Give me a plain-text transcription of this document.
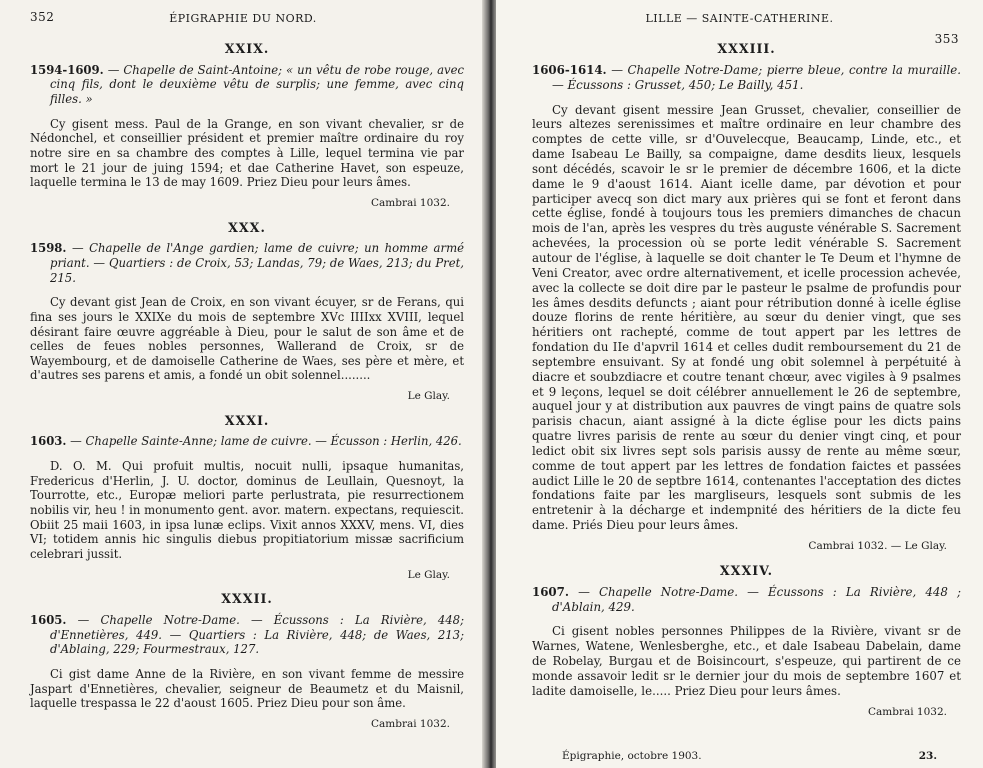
352	ÉPIGRAPHIE DU NORD.
XXIX.

1594-1609. — Chapelle de Saint-Antoine; « un vêtu de robe rouge, avec cinq fils, dont le deuxième vêtu de surplis; une femme, avec cinq filles. »

Cy gisent mess. Paul de la Grange, en son vivant chevalier, sr de Nédonchel, et conseillier président et premier maître ordinaire du roy notre sire en sa chambre des comptes à Lille, lequel termina vie par mort le 21 jour de juing 1594; et dae Catherine Havet, son espeuze, laquelle termina le 13 de may 1609. Priez Dieu pour leurs âmes.

Cambrai 1032.
XXX.

1598. — Chapelle de l'Ange gardien; lame de cuivre; un homme armé priant. — Quartiers : de Croix, 53; Landas, 79; de Waes, 213; du Pret, 215.

Cy devant gist Jean de Croix, en son vivant écuyer, sr de Ferans, qui fina ses jours le XXIXe du mois de septembre XVc IIIIxx XVIII, lequel désirant faire œuvre aggréable à Dieu, pour le salut de son âme et de celles de feues nobles personnes, Wallerand de Croix, sr de Wayembourg, et de damoiselle Catherine de Waes, ses père et mère, et d'autres ses parens et amis, a fondé un obit solennel........

Le Glay.
XXXI.

1603. — Chapelle Sainte-Anne; lame de cuivre. — Écusson : Herlin, 426.

D. O. M. Qui profuit multis, nocuit nulli, ipsaque humanitas, Fredericus d'Herlin, J. U. doctor, dominus de Leullain, Quesnoyt, la Tourrotte, etc., Europæ meliori parte perlustrata, pie resurrectionem nobilis vir, heu ! in monumento gent. avor. matern. expectans, requiescit. Obiit 25 maii 1603, in ipsa lunæ eclips. Vixit annos XXXV, mens. VI, dies VI; totidem annis hic singulis diebus propitiatorium missæ sacrificium celebrari jussit.

Le Glay.
XXXII.

1605. — Chapelle Notre-Dame. — Écussons : La Rivière, 448; d'Ennetières, 449. — Quartiers : La Rivière, 448; de Waes, 213; d'Ablaing, 229; Fourmestraux, 127.

Ci gist dame Anne de la Rivière, en son vivant femme de messire Jaspart d'Ennetières, chevalier, seigneur de Beaumetz et du Maisnil, laquelle trespassa le 22 d'aoust 1605. Priez Dieu pour son âme.

Cambrai 1032.
LILLE — SAINTE-CATHERINE.
353
XXXIII.

1606-1614. — Chapelle Notre-Dame; pierre bleue, contre la muraille. — Écussons : Grusset, 450; Le Bailly, 451.

Cy devant gisent messire Jean Grusset, chevalier, conseillier de leurs altezes serenissimes et maître ordinaire en leur chambre des comptes de cette ville, sr d'Ouvelecque, Beaucamp, Linde, etc., et dame Isabeau Le Bailly, sa compaigne, dame desdits lieux, lesquels sont décédés, scavoir le sr le premier de décembre 1606, et la dicte dame le 9 d'aoust 1614. Aiant icelle dame, par dévotion et pour participer avecq son dict mary aux prières qui se font et feront dans cette église, fondé à toujours tous les premiers dimanches de chacun mois de l'an, après les vespres du très auguste vénérable S. Sacrement achevées, la procession où se porte ledit vénérable S. Sacrement autour de l'église, à laquelle se doit chanter le Te Deum et l'hymne de Veni Creator, avec ordre alternativement, et icelle procession achevée, avec la collecte se doit dire par le pasteur le psalme de profundis pour les âmes desdits defuncts ; aiant pour rétribution donné à icelle église douze florins de rente héritière, au sœur du denier vingt, que ses héritiers ont rachepté, comme de tout appert par les lettres de fondation du IIe d'apvril 1614 et celles dudit remboursement du 21 de septembre ensuivant. Sy at fondé ung obit solemnel à perpétuité à diacre et soubzdiacre et coutre tenant chœur, avec vigiles à 9 psalmes et 9 leçons, lequel se doit célébrer annuellement le 26 de septembre, auquel jour y at distribution aux pauvres de vingt pains de quatre sols parisis chacun, aiant assigné à la dicte église pour les dicts pains quatre livres parisis de rente au sœur du denier vingt cinq, et pour ledict obit six livres sept sols parisis aussy de rente au même sœur, comme de tout appert par les lettres de fondation faictes et passées audict Lille le 20 de septbre 1614, contenantes l'acceptation des dictes fondations faite par les margliseurs, lesquels sont submis de les entretenir à la décharge et indempnité des héritiers de la dicte feu dame. Priés Dieu pour leurs âmes.

Cambrai 1032. — Le Glay.
XXXIV.

1607. — Chapelle Notre-Dame. — Écussons : La Rivière, 448 ; d'Ablain, 429.

Ci gisent nobles personnes Philippes de la Rivière, vivant sr de Warnes, Watene, Wenlesberghe, etc., et dale Isabeau Dabelain, dame de Robelay, Burgau et de Boisincourt, s'espeuze, qui partirent de ce monde assavoir ledit sr le dernier jour du mois de septembre 1607 et ladite damoiselle, le..... Priez Dieu pour leurs âmes.

Cambrai 1032.
Épigraphie, octobre 1903.	23.
